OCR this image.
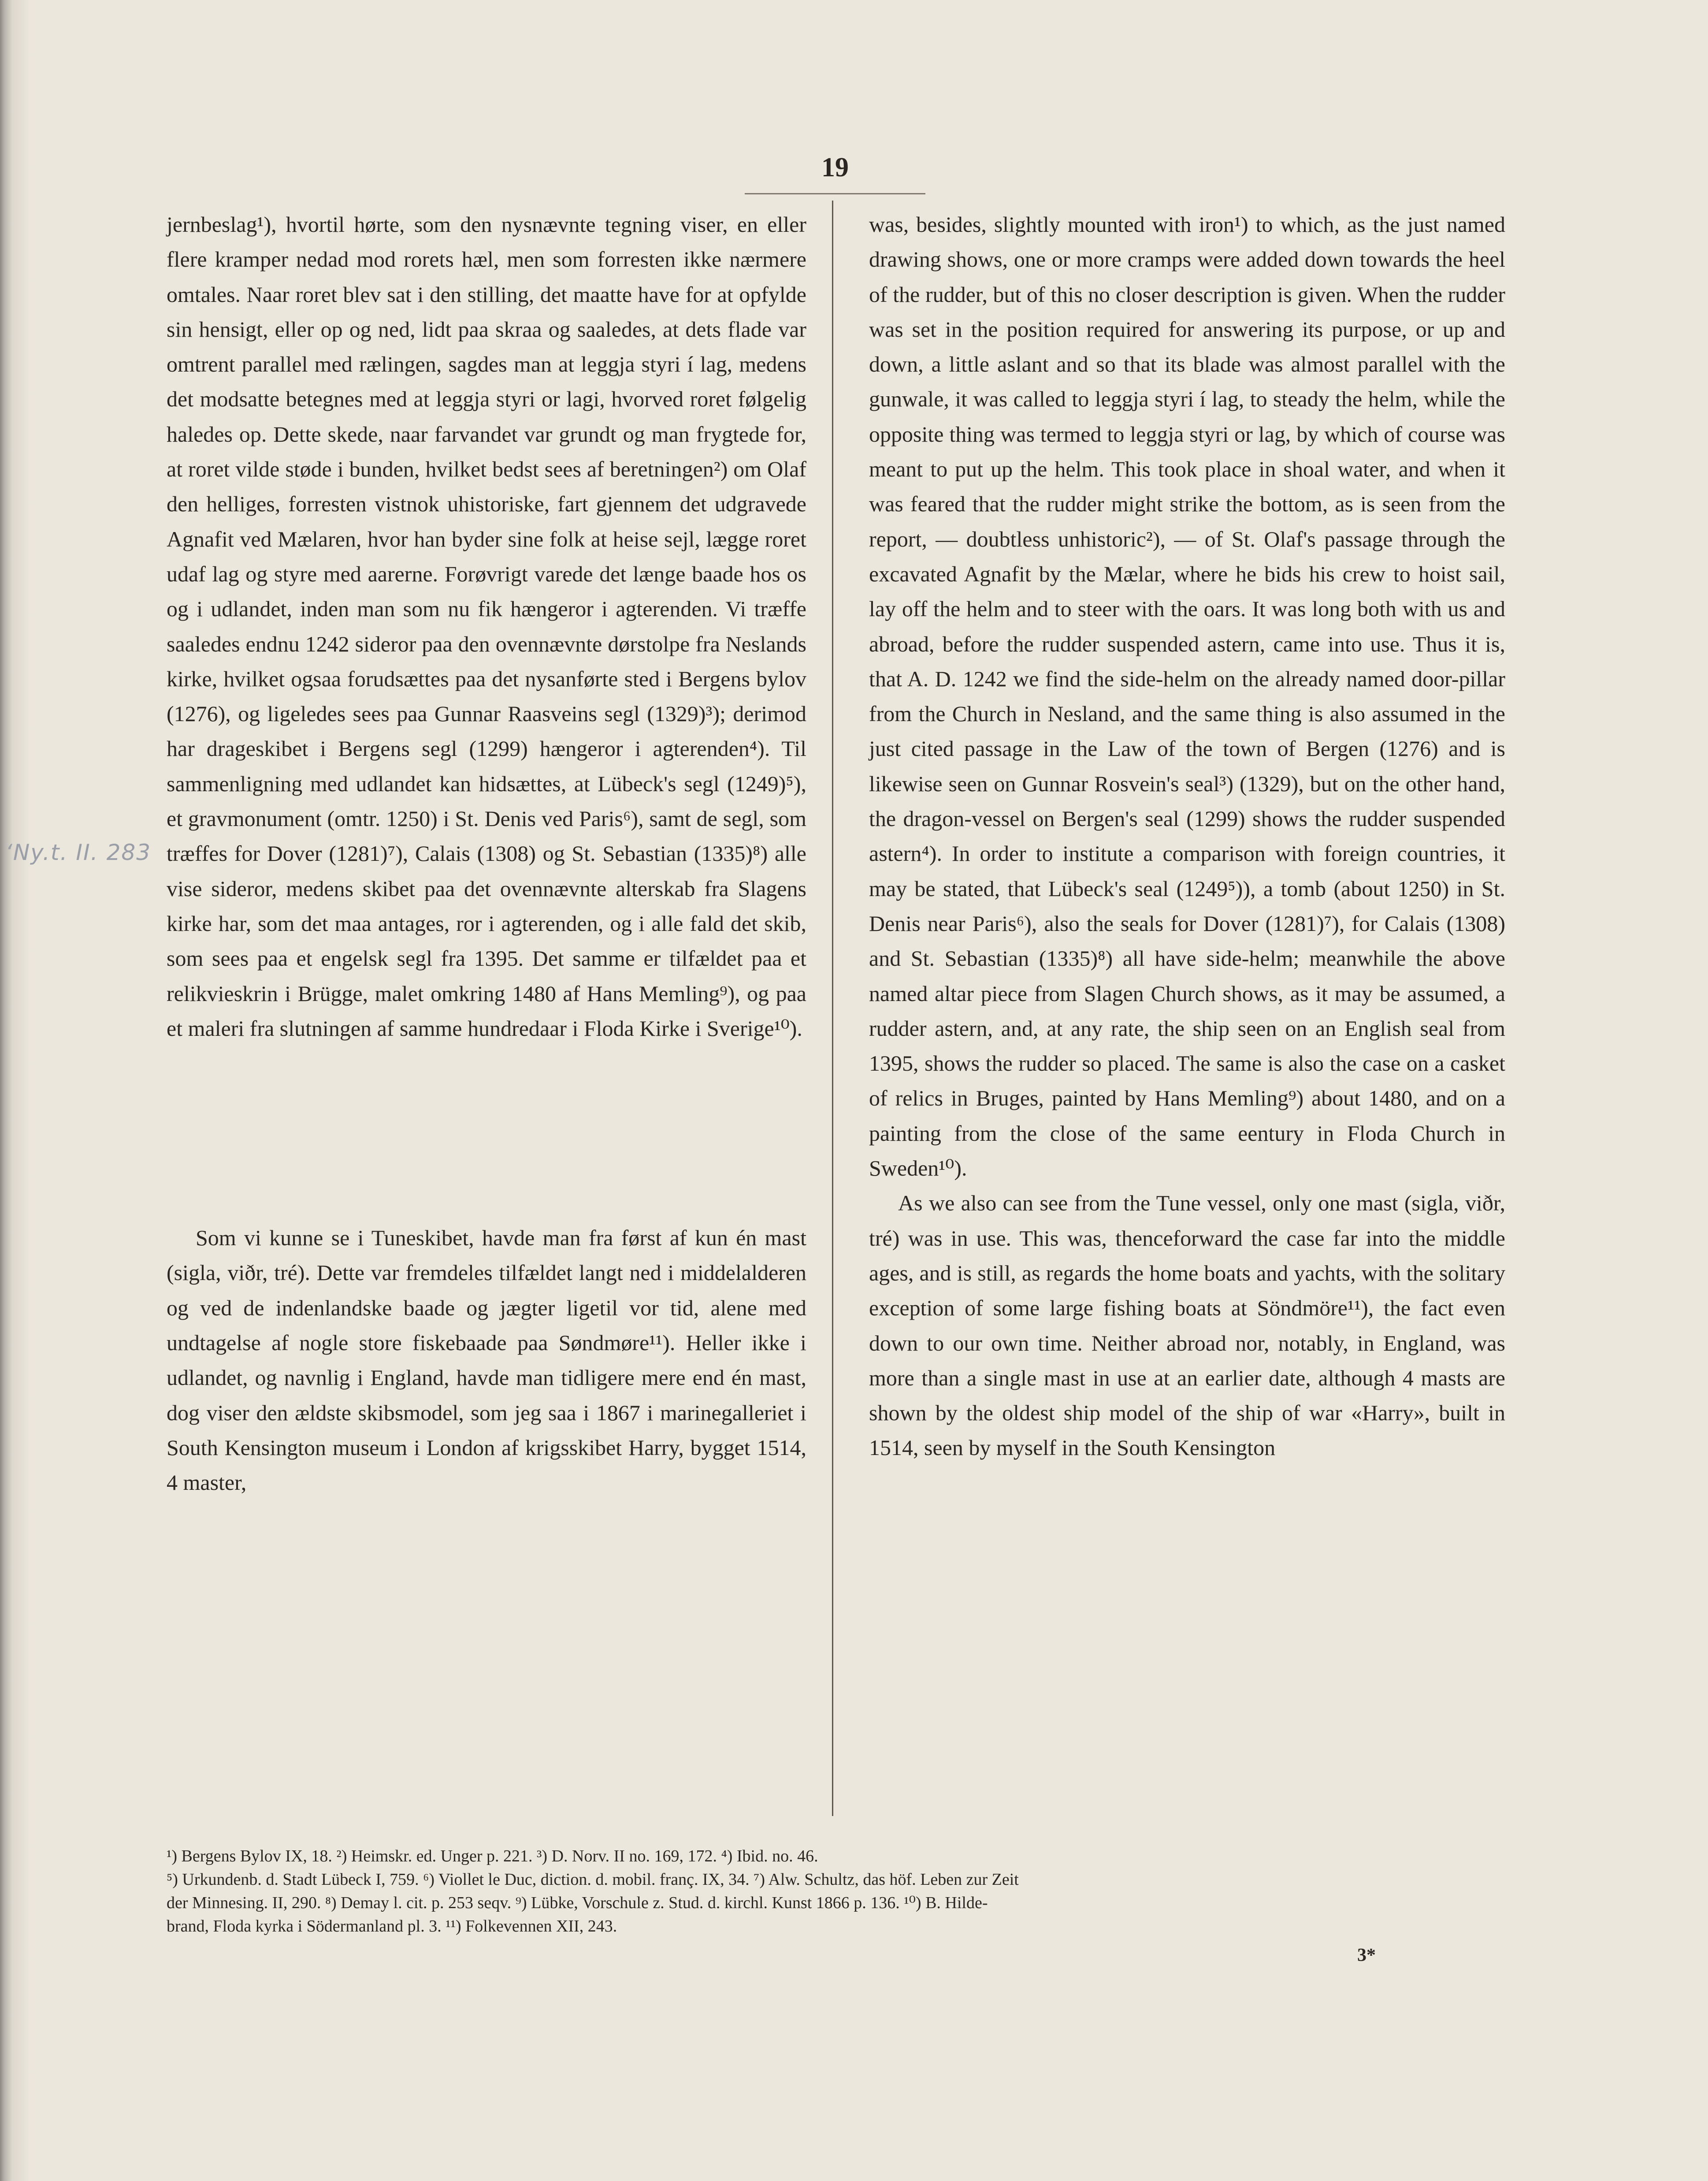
19
ʻNy.t. II. 283

jernbeslag¹), hvortil hørte, som den nysnævnte tegning viser, en eller flere kramper nedad mod rorets hæl, men som forresten ikke nærmere omtales. Naar roret blev sat i den stilling, det maatte have for at opfylde sin hensigt, eller op og ned, lidt paa skraa og saaledes, at dets flade var omtrent parallel med rælingen, sagdes man at leggja styri í lag, medens det modsatte betegnes med at leggja styri or lagi, hvorved roret følgelig haledes op. Dette skede, naar farvandet var grundt og man frygtede for, at roret vilde støde i bunden, hvilket bedst sees af beretningen²) om Olaf den helliges, forresten vistnok uhistoriske, fart gjennem det udgravede Agnafit ved Mælaren, hvor han byder sine folk at heise sejl, lægge roret udaf lag og styre med aarerne. Forøvrigt varede det længe baade hos os og i udlandet, inden man som nu fik hængeror i agterenden. Vi træffe saaledes endnu 1242 sideror paa den ovennævnte dørstolpe fra Neslands kirke, hvilket ogsaa forudsættes paa det nysanførte sted i Bergens bylov (1276), og ligeledes sees paa Gunnar Raasveins segl (1329)³); derimod har drageskibet i Bergens segl (1299) hængeror i agterenden⁴). Til sammenligning med udlandet kan hidsættes, at Lübeck's segl (1249)⁵), et gravmonument (omtr. 1250) i St. Denis ved Paris⁶), samt de segl, som træffes for Dover (1281)⁷), Calais (1308) og St. Sebastian (1335)⁸) alle vise sideror, medens skibet paa det ovennævnte alterskab fra Slagens kirke har, som det maa antages, ror i agterenden, og i alle fald det skib, som sees paa et engelsk segl fra 1395. Det samme er tilfældet paa et relikvieskrin i Brügge, malet omkring 1480 af Hans Memling⁹), og paa et maleri fra slutningen af samme hundredaar i Floda Kirke i Sverige¹⁰).

Som vi kunne se i Tuneskibet, havde man fra først af kun én mast (sigla, viðr, tré). Dette var fremdeles tilfældet langt ned i middelalderen og ved de indenlandske baade og jægter ligetil vor tid, alene med undtagelse af nogle store fiskebaade paa Søndmøre¹¹). Heller ikke i udlandet, og navnlig i England, havde man tidligere mere end én mast, dog viser den ældste skibsmodel, som jeg saa i 1867 i marinegalleriet i South Kensington museum i London af krigsskibet Harry, bygget 1514, 4 master,

was, besides, slightly mounted with iron¹) to which, as the just named drawing shows, one or more cramps were added down towards the heel of the rudder, but of this no closer description is given. When the rudder was set in the position required for answering its purpose, or up and down, a little aslant and so that its blade was almost parallel with the gunwale, it was called to leggja styri í lag, to steady the helm, while the opposite thing was termed to leggja styri or lag, by which of course was meant to put up the helm. This took place in shoal water, and when it was feared that the rudder might strike the bottom, as is seen from the report, — doubtless unhistoric²), — of St. Olaf's passage through the excavated Agnafit by the Mælar, where he bids his crew to hoist sail, lay off the helm and to steer with the oars. It was long both with us and abroad, before the rudder suspended astern, came into use. Thus it is, that A. D. 1242 we find the side-helm on the already named door-pillar from the Church in Nesland, and the same thing is also assumed in the just cited passage in the Law of the town of Bergen (1276) and is likewise seen on Gunnar Rosvein's seal³) (1329), but on the other hand, the dragon-vessel on Bergen's seal (1299) shows the rudder suspended astern⁴). In order to institute a comparison with foreign countries, it may be stated, that Lübeck's seal (1249⁵)), a tomb (about 1250) in St. Denis near Paris⁶), also the seals for Dover (1281)⁷), for Calais (1308) and St. Sebastian (1335)⁸) all have side-helm; meanwhile the above named altar piece from Slagen Church shows, as it may be assumed, a rudder astern, and, at any rate, the ship seen on an English seal from 1395, shows the rudder so placed. The same is also the case on a casket of relics in Bruges, painted by Hans Memling⁹) about 1480, and on a painting from the close of the same eentury in Floda Church in Sweden¹⁰).

As we also can see from the Tune vessel, only one mast (sigla, viðr, tré) was in use. This was, thenceforward the case far into the middle ages, and is still, as regards the home boats and yachts, with the solitary exception of some large fishing boats at Söndmöre¹¹), the fact even down to our own time. Neither abroad nor, notably, in England, was more than a single mast in use at an earlier date, although 4 masts are shown by the oldest ship model of the ship of war «Harry», built in 1514, seen by myself in the South Kensington

¹) Bergens Bylov IX, 18. ²) Heimskr. ed. Unger p. 221. ³) D. Norv. II no. 169, 172. ⁴) Ibid. no. 46.

⁵) Urkundenb. d. Stadt Lübeck I, 759. ⁶) Viollet le Duc, diction. d. mobil. franç. IX, 34. ⁷) Alw. Schultz, das höf. Leben zur Zeit

der Minnesing. II, 290. ⁸) Demay l. cit. p. 253 seqv. ⁹) Lübke, Vorschule z. Stud. d. kirchl. Kunst 1866 p. 136. ¹⁰) B. Hilde-

brand, Floda kyrka i Södermanland pl. 3. ¹¹) Folkevennen XII, 243.

3*
